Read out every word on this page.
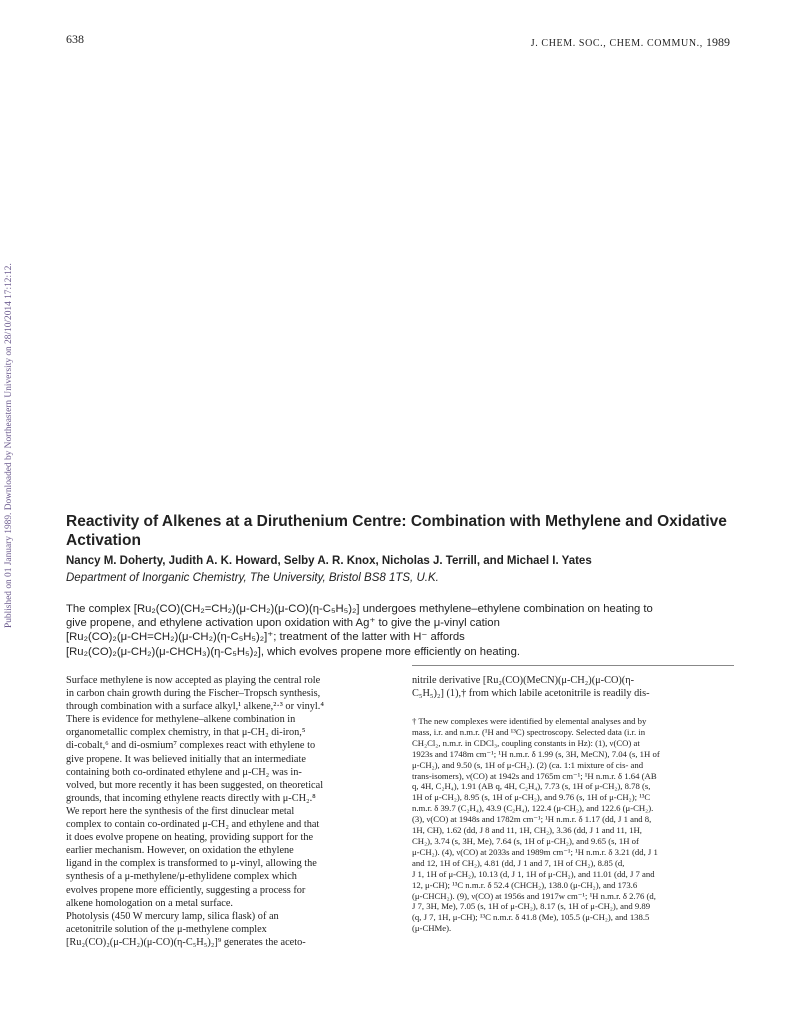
638	J. CHEM. SOC., CHEM. COMMUN., 1989
Published on 01 January 1989. Downloaded by Northeastern University on 28/10/2014 17:12:12.	Reactivity of Alkenes at a Diruthenium Centre: Combination with Methylene and Oxidative Activation
Nancy M. Doherty, Judith A. K. Howard, Selby A. R. Knox, Nicholas J. Terrill, and Michael I. Yates
Department of Inorganic Chemistry, The University, Bristol BS8 1TS, U.K.
The complex [Ru₂(CO)(CH₂=CH₂)(μ-CH₂)(μ-CO)(η-C₅H₅)₂] undergoes methylene–ethylene combination on heating to
give propene, and ethylene activation upon oxidation with Ag⁺ to give the μ-vinyl cation
[Ru₂(CO)₂(μ-CH=CH₂)(μ-CH₂)(η-C₅H₅)₂]⁺; treatment of the latter with H⁻ affords
[Ru₂(CO)₂(μ-CH₂)(μ-CHCH₃)(η-C₅H₅)₂], which evolves propene more efficiently on heating.
Surface methylene is now accepted as playing the central role
in carbon chain growth during the Fischer–Tropsch synthesis,
through combination with a surface alkyl,¹ alkene,²·³ or vinyl.⁴
There is evidence for methylene–alkene combination in
organometallic complex chemistry, in that μ-CH₂ di-iron,⁵
di-cobalt,⁶ and di-osmium⁷ complexes react with ethylene to
give propene. It was believed initially that an intermediate
containing both co-ordinated ethylene and μ-CH₂ was in-
volved, but more recently it has been suggested, on theoretical
grounds, that incoming ethylene reacts directly with μ-CH₂.⁸
We report here the synthesis of the first dinuclear metal
complex to contain co-ordinated μ-CH₂ and ethylene and that
it does evolve propene on heating, providing support for the
earlier mechanism. However, on oxidation the ethylene
ligand in the complex is transformed to μ-vinyl, allowing the
synthesis of a μ-methylene/μ-ethylidene complex which
evolves propene more efficiently, suggesting a process for
alkene homologation on a metal surface.
Photolysis (450 W mercury lamp, silica flask) of an
acetonitrile solution of the μ-methylene complex
[Ru₂(CO)₂(μ-CH₂)(μ-CO)(η-C₅H₅)₂]⁹ generates the aceto-
nitrile derivative [Ru₂(CO)(MeCN)(μ-CH₂)(μ-CO)(η-
C₅H₅)₂] (1),† from which labile acetonitrile is readily dis-
† The new complexes were identified by elemental analyses and by
mass, i.r. and n.m.r. (¹H and ¹³C) spectroscopy. Selected data (i.r. in
CH₂Cl₂, n.m.r. in CDCl₃, coupling constants in Hz): (1), ν(CO) at
1923s and 1748m cm⁻¹; ¹H n.m.r. δ 1.99 (s, 3H, MeCN), 7.04 (s, 1H of
μ-CH₂), and 9.50 (s, 1H of μ-CH₂). (2) (ca. 1:1 mixture of cis- and
trans-isomers), ν(CO) at 1942s and 1765m cm⁻¹; ¹H n.m.r. δ 1.64 (AB
q, 4H, C₂H₄), 1.91 (AB q, 4H, C₂H₄), 7.73 (s, 1H of μ-CH₂), 8.78 (s,
1H of μ-CH₂), 8.95 (s, 1H of μ-CH₂), and 9.76 (s, 1H of μ-CH₂); ¹³C
n.m.r. δ 39.7 (C₂H₄), 43.9 (C₂H₄), 122.4 (μ-CH₂), and 122.6 (μ-CH₂).
(3), ν(CO) at 1948s and 1782m cm⁻¹; ¹H n.m.r. δ 1.17 (dd, J 1 and 8,
1H, CH), 1.62 (dd, J 8 and 11, 1H, CH₂), 3.36 (dd, J 1 and 11, 1H,
CH₂), 3.74 (s, 3H, Me), 7.64 (s, 1H of μ-CH₂), and 9.65 (s, 1H of
μ-CH₂). (4), ν(CO) at 2033s and 1989m cm⁻¹; ¹H n.m.r. δ 3.21 (dd, J 1
and 12, 1H of CH₂), 4.81 (dd, J 1 and 7, 1H of CH₂), 8.85 (d,
J 1, 1H of μ-CH₂), 10.13 (d, J 1, 1H of μ-CH₂), and 11.01 (dd, J 7 and
12, μ-CH); ¹³C n.m.r. δ 52.4 (CHCH₂), 138.0 (μ-CH₂), and 173.6
(μ-CHCH₂). (9), ν(CO) at 1956s and 1917w cm⁻¹; ¹H n.m.r. δ 2.76 (d,
J 7, 3H, Me), 7.05 (s, 1H of μ-CH₂), 8.17 (s, 1H of μ-CH₂), and 9.89
(q, J 7, 1H, μ-CH); ¹³C n.m.r. δ 41.8 (Me), 105.5 (μ-CH₂), and 138.5
(μ-CHMe).
